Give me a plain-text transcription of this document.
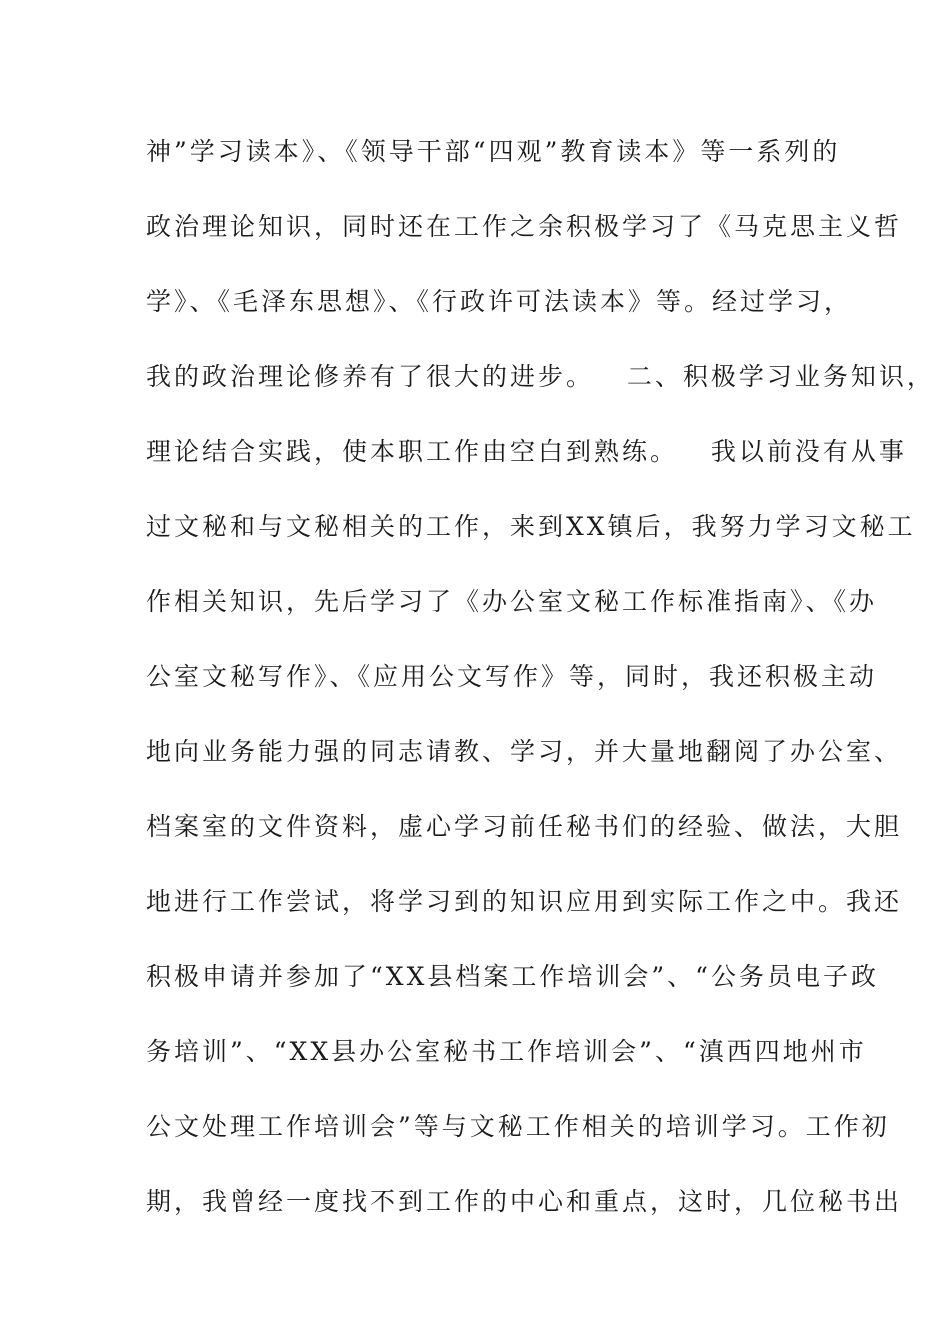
神”学习读本》、《领导干部“四观”教育读本》等一系列的
政治理论知识，同时还在工作之余积极学习了《马克思主义哲
学》、《毛泽东思想》、《行政许可法读本》等。经过学习，
我的政治理论修养有了很大的进步。   二、积极学习业务知识，
理论结合实践，使本职工作由空白到熟练。   我以前没有从事
过文秘和与文秘相关的工作，来到XX镇后，我努力学习文秘工
作相关知识，先后学习了《办公室文秘工作标准指南》、《办
公室文秘写作》、《应用公文写作》等，同时，我还积极主动
地向业务能力强的同志请教、学习，并大量地翻阅了办公室、
档案室的文件资料，虚心学习前任秘书们的经验、做法，大胆
地进行工作尝试，将学习到的知识应用到实际工作之中。我还
积极申请并参加了“XX县档案工作培训会”、“公务员电子政
务培训”、“XX县办公室秘书工作培训会”、“滇西四地州市
公文处理工作培训会”等与文秘工作相关的培训学习。工作初
期，我曾经一度找不到工作的中心和重点，这时，几位秘书出
